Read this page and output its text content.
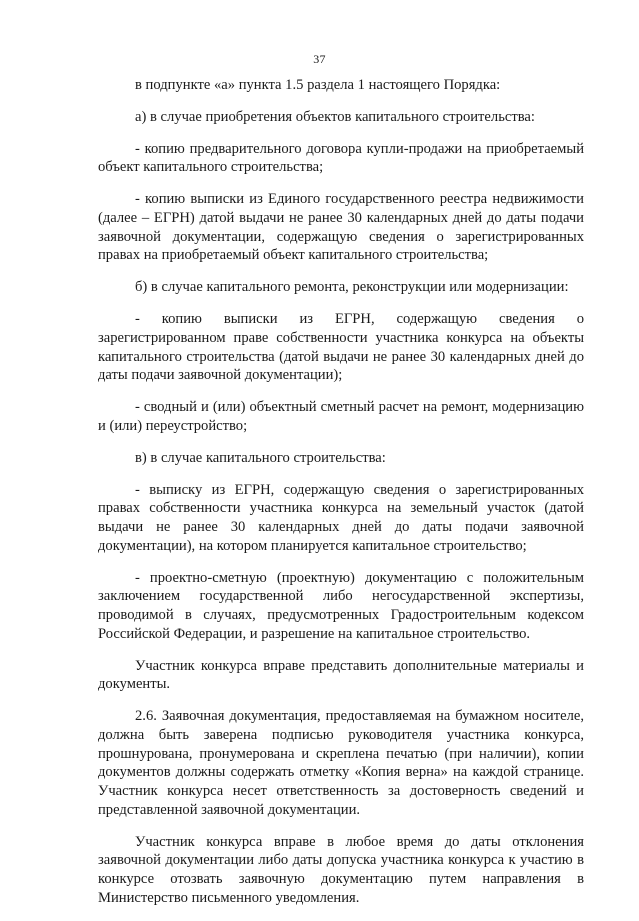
37

в подпункте «а» пункта 1.5 раздела 1 настоящего Порядка:

а) в случае приобретения объектов капитального строительства:

- копию предварительного договора купли-продажи на приобретаемый объект капитального строительства;

- копию выписки из Единого государственного реестра недвижимости (далее – ЕГРН) датой выдачи не ранее 30 календарных дней до даты подачи заявочной документации, содержащую сведения о зарегистрированных правах на приобретаемый объект капитального строительства;

б) в случае капитального ремонта, реконструкции или модернизации:

- копию выписки из ЕГРН, содержащую сведения о зарегистрированном праве собственности участника конкурса на объекты капитального строительства (датой выдачи не ранее 30 календарных дней до даты подачи заявочной документации);

- сводный и (или) объектный сметный расчет на ремонт, модернизацию и (или) переустройство;

в) в случае капитального строительства:

- выписку из ЕГРН, содержащую сведения о зарегистрированных правах собственности участника конкурса на земельный участок (датой выдачи не ранее 30 календарных дней до даты подачи заявочной документации), на котором планируется капитальное строительство;

- проектно-сметную (проектную) документацию с положительным заключением государственной либо негосударственной экспертизы, проводимой в случаях, предусмотренных Градостроительным кодексом Российской Федерации, и разрешение на капитальное строительство.

Участник конкурса вправе представить дополнительные материалы и документы.

2.6. Заявочная документация, предоставляемая на бумажном носителе, должна быть заверена подписью руководителя участника конкурса, прошнурована, пронумерована и скреплена печатью (при наличии), копии документов должны содержать отметку «Копия верна» на каждой странице. Участник конкурса несет ответственность за достоверность сведений и представленной заявочной документации.

Участник конкурса вправе в любое время до даты отклонения заявочной документации либо даты допуска участника конкурса к участию в конкурсе отозвать заявочную документацию путем направления в Министерство письменного уведомления.
